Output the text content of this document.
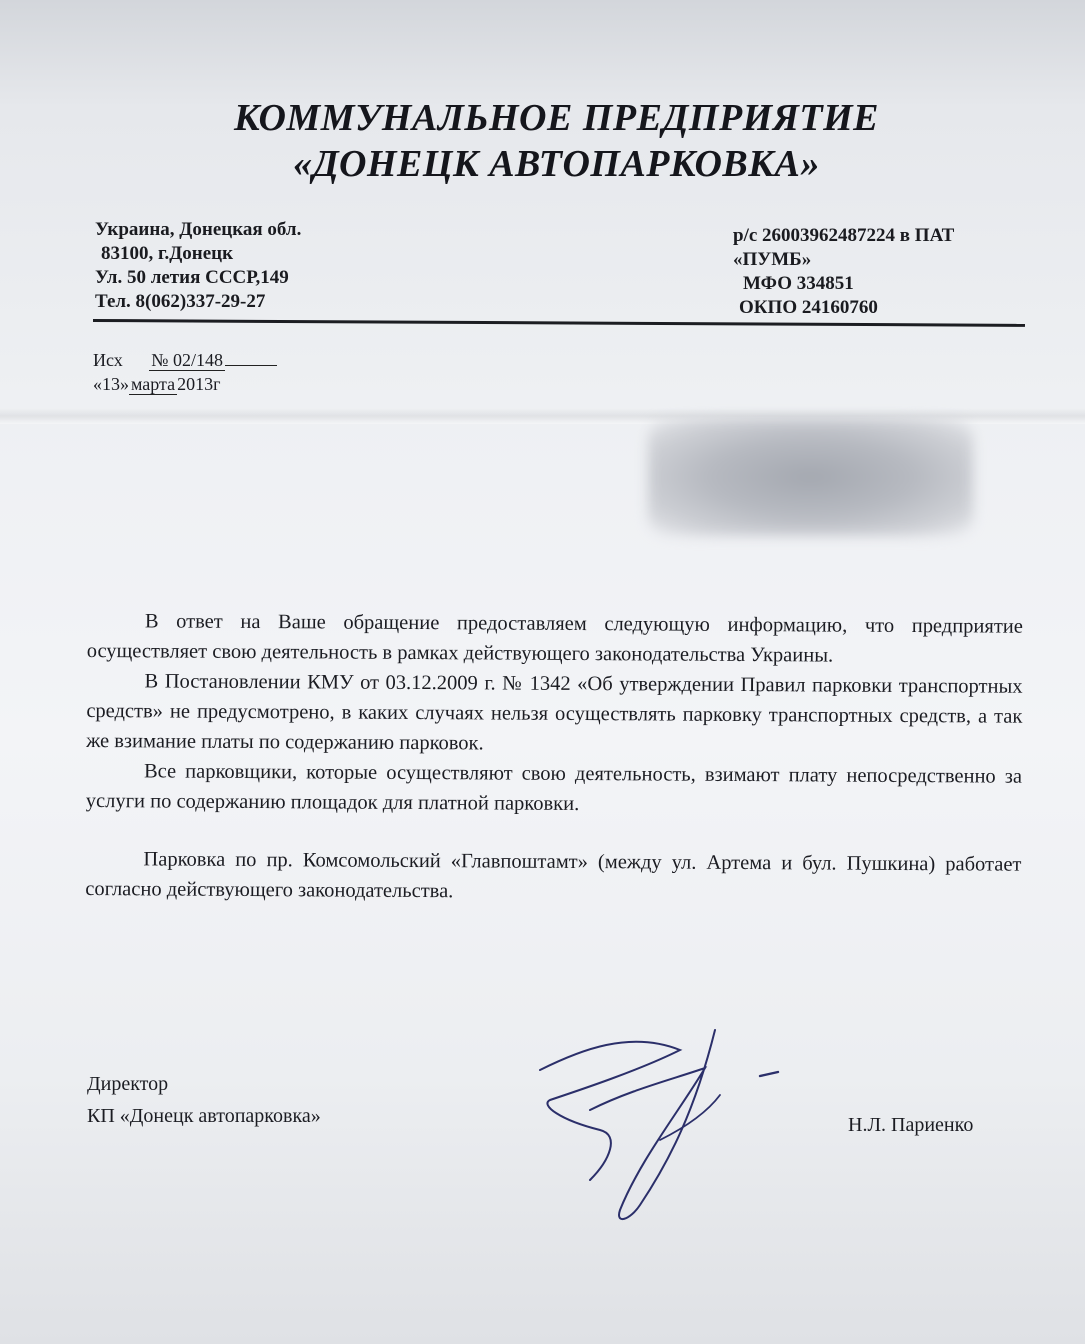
КОММУНАЛЬНОЕ ПРЕДПРИЯТИЕ
«ДОНЕЦК АВТОПАРКОВКА»
Украина, Донецкая обл.
83100, г.Донецк
Ул. 50 летия СССР,149
Тел. 8(062)337-29-27
р/с 26003962487224 в ПАТ
«ПУМБ»
МФО 334851
ОКПО 24160760
Исх № 02/148
«13» марта 2013г

В ответ на Ваше обращение предоставляем следующую информацию, что предприятие осуществляет свою деятельность в рамках действующего законодательства Украины.

В Постановлении КМУ от 03.12.2009 г. № 1342 «Об утверждении Правил парковки транспортных средств» не предусмотрено, в каких случаях нельзя осуществлять парковку транспортных средств, а так же взимание платы по содержанию парковок.

Все парковщики, которые осуществляют свою деятельность, взимают плату непосредственно за услуги по содержанию площадок для платной парковки.

Парковка по пр. Комсомольский «Главпоштамт» (между ул. Артема и бул. Пушкина) работает согласно действующего законодательства.

Директор
КП «Донецк автопарковка»	Н.Л. Париенко
